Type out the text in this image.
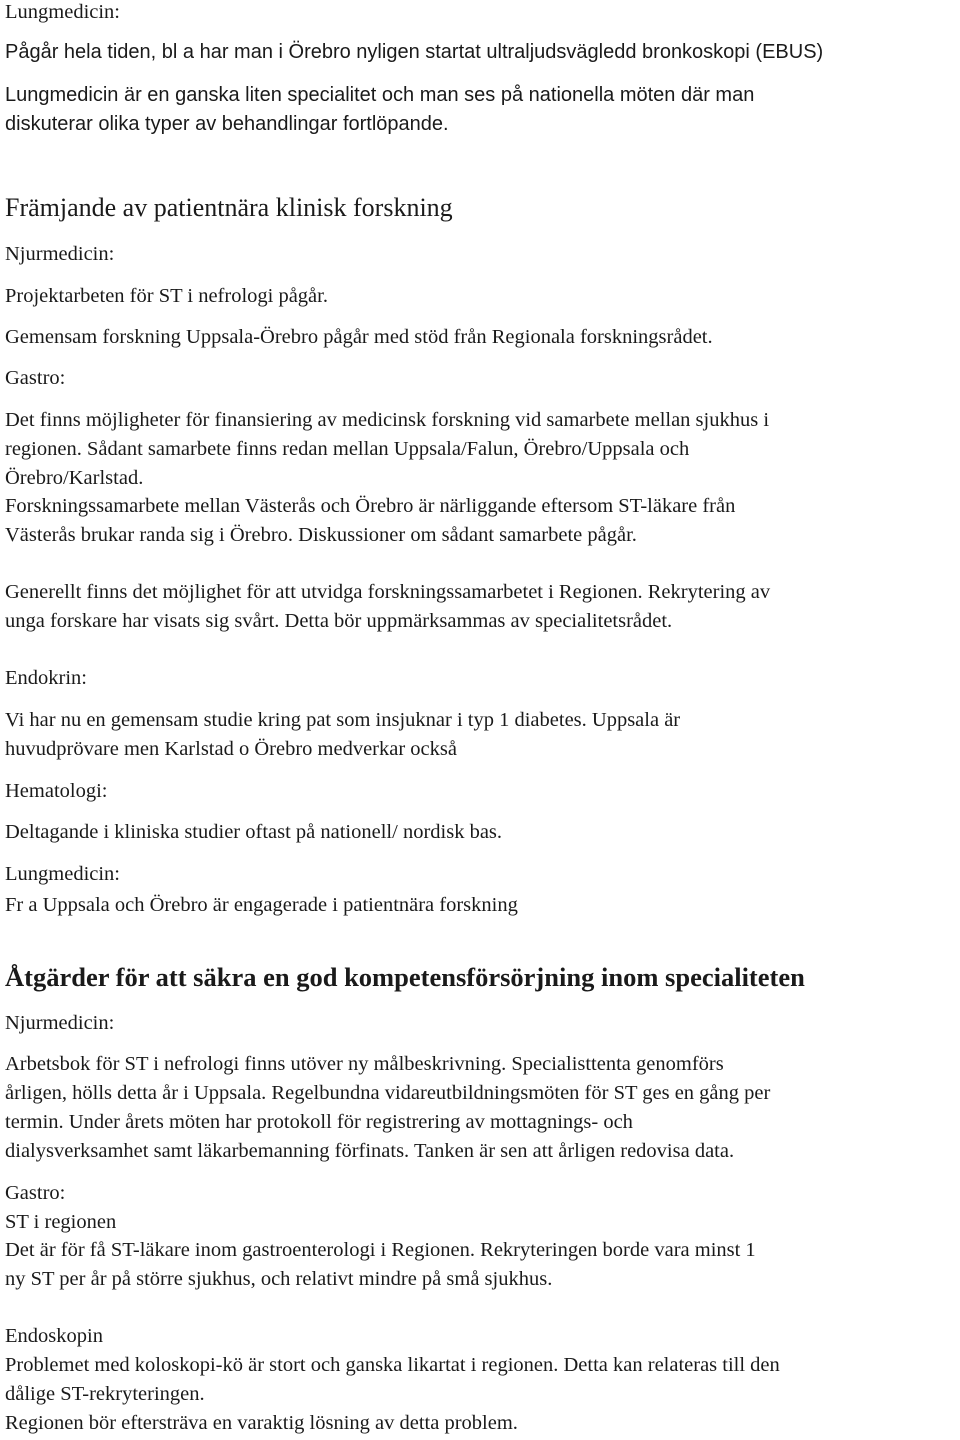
Lungmedicin:
Pågår hela tiden, bl a har man i Örebro nyligen startat ultraljudsvägledd bronkoskopi (EBUS)
Lungmedicin är en ganska liten specialitet och man ses på nationella möten där man
diskuterar olika typer av behandlingar fortlöpande.
Främjande av patientnära klinisk forskning
Njurmedicin:
Projektarbeten för ST i nefrologi pågår.
Gemensam forskning Uppsala-Örebro pågår med stöd från Regionala forskningsrådet.
Gastro:
Det finns möjligheter för finansiering av medicinsk forskning vid samarbete mellan sjukhus i
regionen. Sådant samarbete finns redan mellan Uppsala/Falun, Örebro/Uppsala och
Örebro/Karlstad.
Forskningssamarbete mellan Västerås och Örebro är närliggande eftersom ST-läkare från
Västerås brukar randa sig i Örebro. Diskussioner om sådant samarbete pågår.
Generellt finns det möjlighet för att utvidga forskningssamarbetet i Regionen. Rekrytering av
unga forskare har visats sig svårt. Detta bör uppmärksammas av specialitetsrådet.
Endokrin:
Vi har nu en gemensam studie kring pat som insjuknar i typ 1 diabetes. Uppsala är
huvudprövare men Karlstad o Örebro medverkar också
Hematologi:
Deltagande i kliniska studier oftast på nationell/ nordisk bas.
Lungmedicin:
Fr a Uppsala och Örebro är engagerade i patientnära forskning
Åtgärder för att säkra en god kompetensförsörjning inom specialiteten
Njurmedicin:
Arbetsbok för ST i nefrologi finns utöver ny målbeskrivning. Specialisttenta genomförs
årligen, hölls detta år i Uppsala. Regelbundna vidareutbildningsmöten för ST ges en gång per
termin. Under årets möten har protokoll för registrering av mottagnings- och
dialysverksamhet samt läkarbemanning förfinats. Tanken är sen att årligen redovisa data.
Gastro:
ST i regionen
Det är för få ST-läkare inom gastroenterologi i Regionen. Rekryteringen borde vara minst 1
ny ST per år på större sjukhus, och relativt mindre på små sjukhus.
Endoskopin
Problemet med koloskopi-kö är stort och ganska likartat i regionen. Detta kan relateras till den
dålige ST-rekryteringen.
Regionen bör eftersträva en varaktig lösning av detta problem.
